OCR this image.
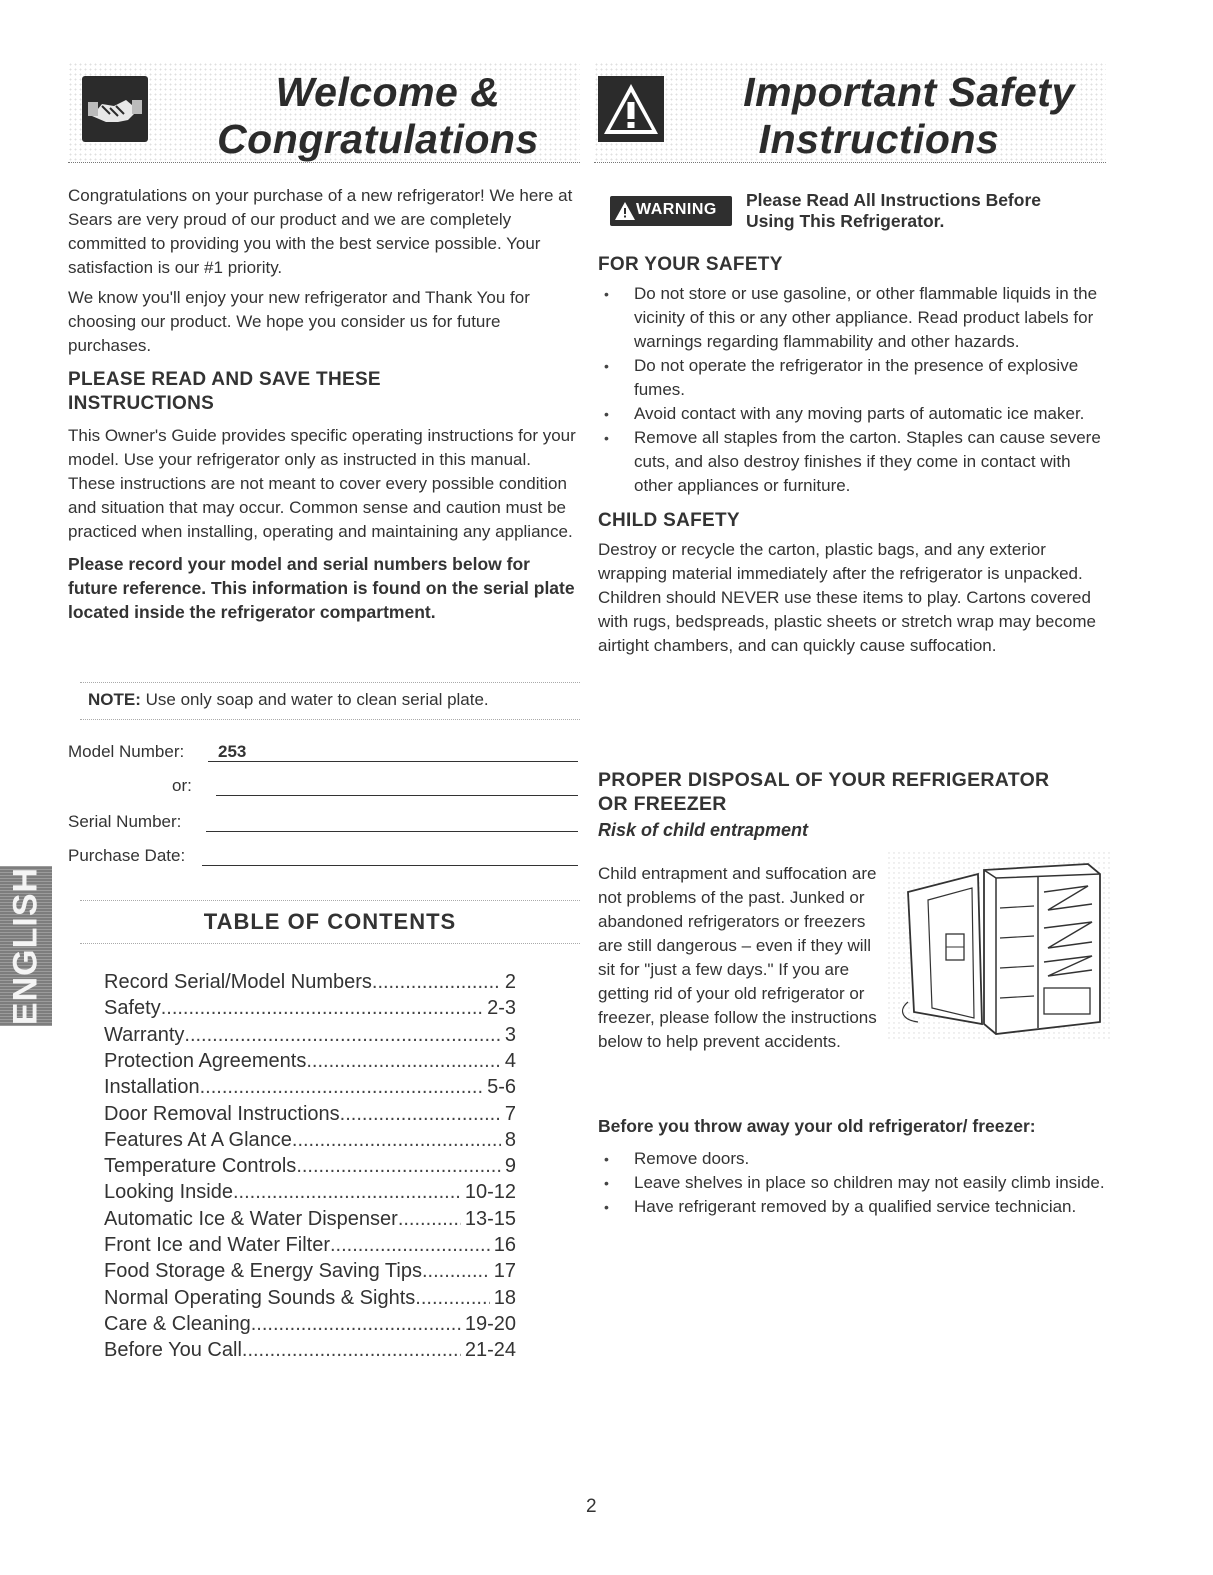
Welcome &
Congratulations
Important Safety
Instructions

Congratulations on your purchase of a new refrigerator! We here at Sears are very proud of our product and we are completely committed to providing you with the best service possible. Your satisfaction is our #1 priority.

We know you'll enjoy your new refrigerator and Thank You for choosing our product. We hope you consider us for future purchases.

PLEASE READ AND SAVE THESE
INSTRUCTIONS

This Owner's Guide provides specific operating instructions for your model. Use your refrigerator only as instructed in this manual. These instructions are not meant to cover every possible condition and situation that may occur. Common sense and caution must be practiced when installing, operating and maintaining any appliance.

Please record your model and serial numbers below for future reference. This information is found on the serial plate located inside the refrigerator compartment.

NOTE: Use only soap and water to clean serial plate.
Model Number: 253
or:
Serial Number:
Purchase Date:
ENGLISH	TABLE OF CONTENTS
Record Serial/Model Numbers .....	2
Safety .....	2-3
Warranty .....	3
Protection Agreements .....	4
Installation .....	5-6
Door Removal Instructions .....	7
Features At A Glance .....	8
Temperature Controls .....	9
Looking Inside .....	10-12
Automatic Ice & Water Dispenser .....	13-15
Front Ice and Water Filter .....	16
Food Storage & Energy Saving Tips .....	17
Normal Operating Sounds & Sights .....	18
Care & Cleaning .....	19-20
Before You Call .....	21-24
WARNING Please Read All Instructions Before
Using This Refrigerator.
FOR YOUR SAFETY
• Do not store or use gasoline, or other flammable liquids in the vicinity of this or any other appliance. Read product labels for warnings regarding flammability and other hazards.
• Do not operate the refrigerator in the presence of explosive fumes.
• Avoid contact with any moving parts of automatic ice maker.
• Remove all staples from the carton. Staples can cause severe cuts, and also destroy finishes if they come in contact with other appliances or furniture.
CHILD SAFETY

Destroy or recycle the carton, plastic bags, and any exterior wrapping material immediately after the refrigerator is unpacked. Children should NEVER use these items to play. Cartons covered with rugs, bedspreads, plastic sheets or stretch wrap may become airtight chambers, and can quickly cause suffocation.

PROPER DISPOSAL OF YOUR REFRIGERATOR
OR FREEZER
Risk of child entrapment

Child entrapment and suffocation are not problems of the past. Junked or abandoned refrigerators or freezers are still dangerous – even if they will sit for "just a few days." If you are getting rid of your old refrigerator or freezer, please follow the instructions below to help prevent accidents.

Before you throw away your old refrigerator/ freezer:
• Remove doors.
• Leave shelves in place so children may not easily climb inside.
• Have refrigerant removed by a qualified service technician.
2
